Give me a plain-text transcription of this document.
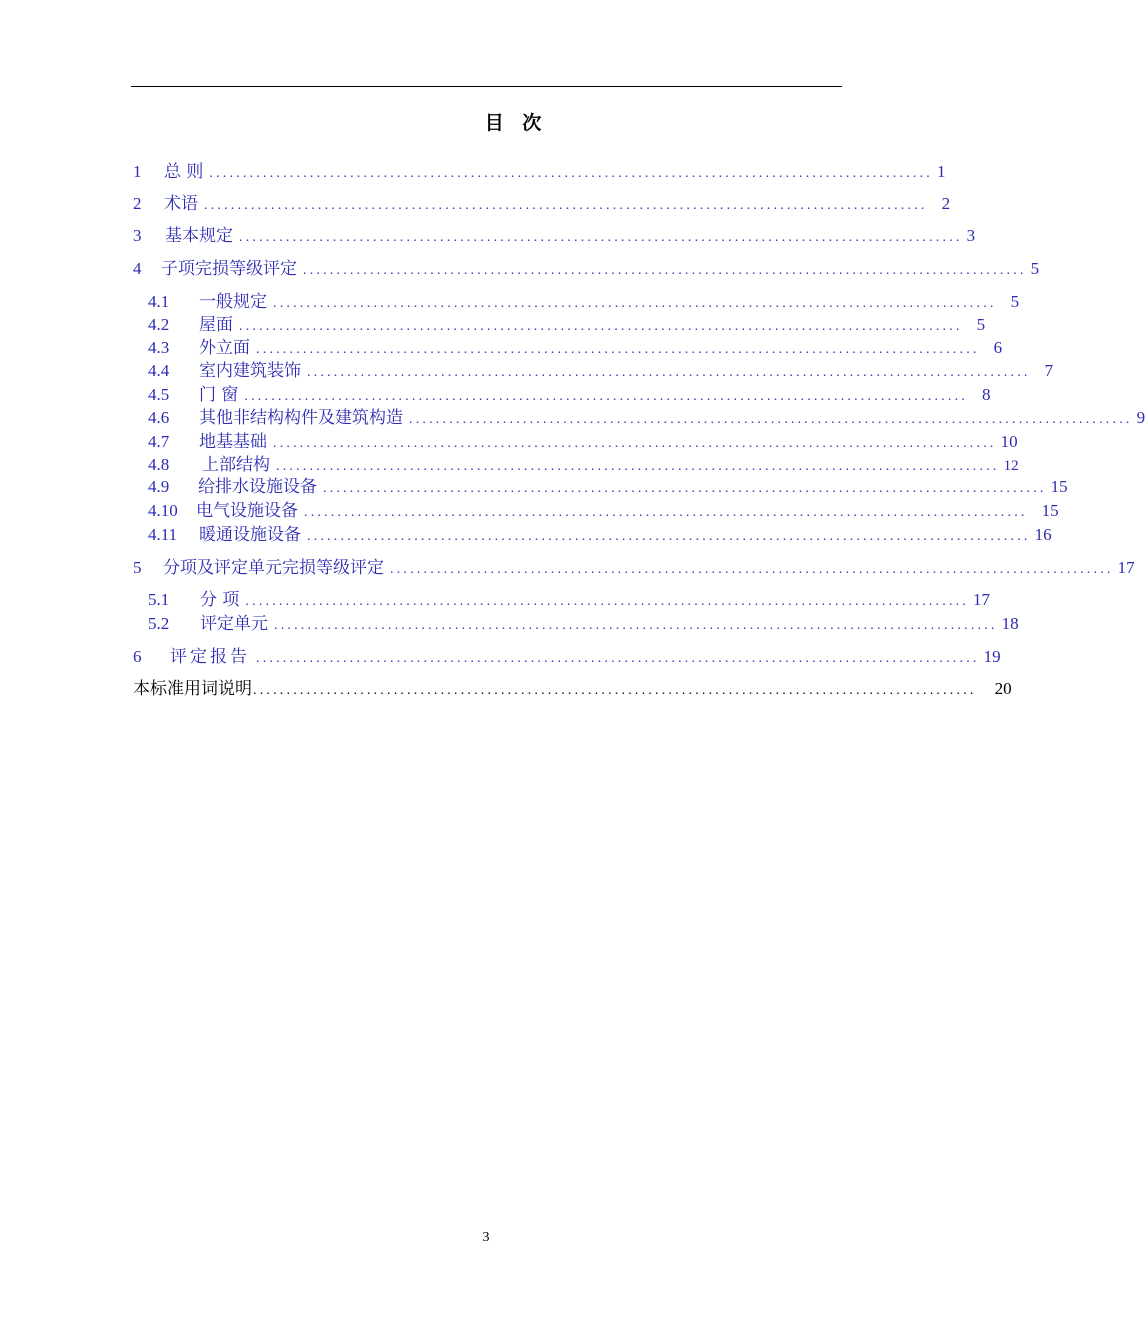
目 次
1	总 则 ............................................................................................................ 1
2	术语 ............................................................................................................ 2
3	基本规定 ............................................................................................................ 3
4	子项完损等级评定 ............................................................................................................ 5
4.1	一般规定 ............................................................................................................ 5
4.2	屋面 ............................................................................................................ 5
4.3	外立面 ............................................................................................................ 6
4.4	室内建筑装饰 ............................................................................................................ 7
4.5	门 窗 ............................................................................................................ 8
4.6	其他非结构构件及建筑构造 ............................................................................................................ 9
4.7	地基基础 ............................................................................................................ 10
4.8	上部结构 ............................................................................................................ 12
4.9	给排水设施设备 ............................................................................................................ 15
4.10	电气设施设备 ............................................................................................................ 15
4.11	暖通设施设备 ............................................................................................................ 16
5	分项及评定单元完损等级评定 ............................................................................................................ 17
5.1	分 项 ............................................................................................................ 17
5.2	评定单元 ............................................................................................................ 18
6	评定报告 ............................................................................................................ 19
本标准用词说明 ............................................................................................................ 20
3
